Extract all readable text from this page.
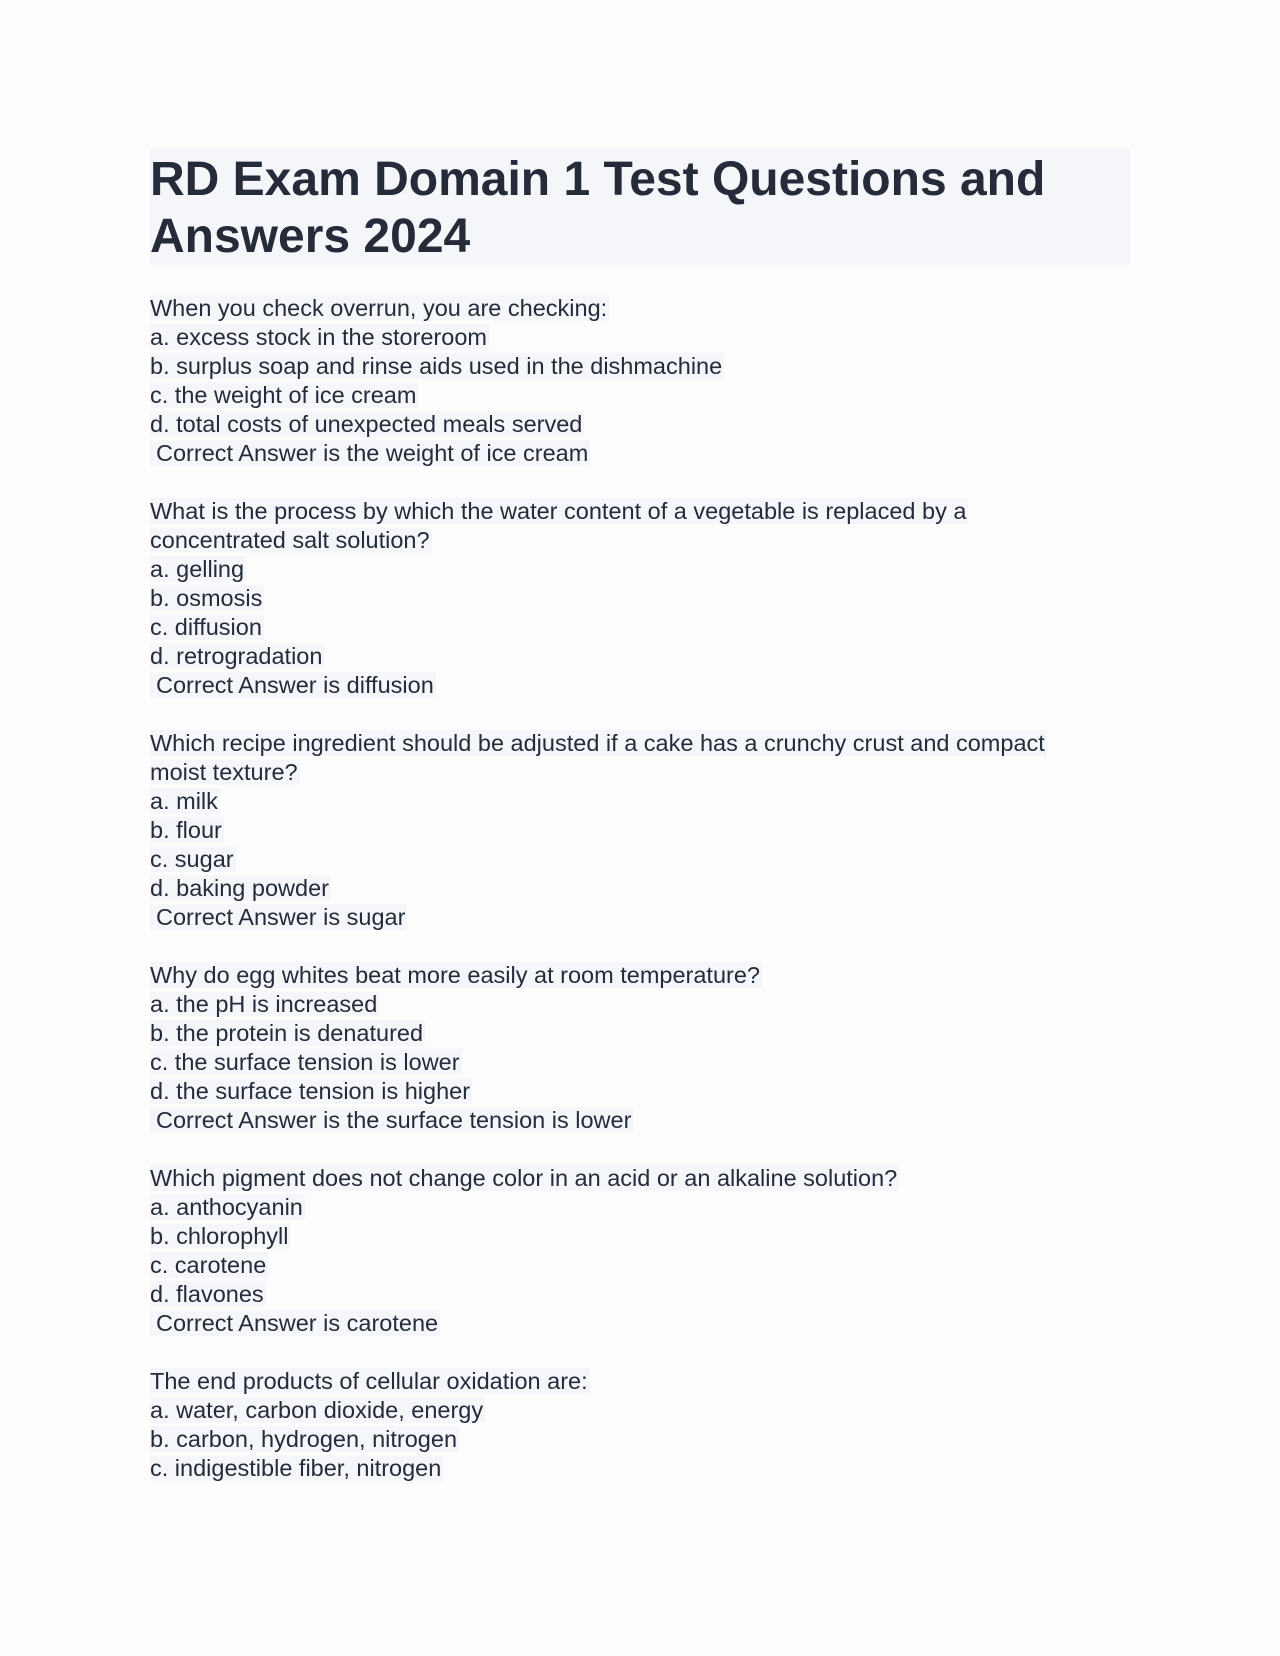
RD Exam Domain 1 Test Questions and
Answers 2024
When you check overrun, you are checking:
a. excess stock in the storeroom
b. surplus soap and rinse aids used in the dishmachine
c. the weight of ice cream
d. total costs of unexpected meals served
Correct Answer is the weight of ice cream
What is the process by which the water content of a vegetable is replaced by a
concentrated salt solution?
a. gelling
b. osmosis
c. diffusion
d. retrogradation
Correct Answer is diffusion
Which recipe ingredient should be adjusted if a cake has a crunchy crust and compact
moist texture?
a. milk
b. flour
c. sugar
d. baking powder
Correct Answer is sugar
Why do egg whites beat more easily at room temperature?
a. the pH is increased
b. the protein is denatured
c. the surface tension is lower
d. the surface tension is higher
Correct Answer is the surface tension is lower
Which pigment does not change color in an acid or an alkaline solution?
a. anthocyanin
b. chlorophyll
c. carotene
d. flavones
Correct Answer is carotene
The end products of cellular oxidation are:
a. water, carbon dioxide, energy
b. carbon, hydrogen, nitrogen
c. indigestible fiber, nitrogen
